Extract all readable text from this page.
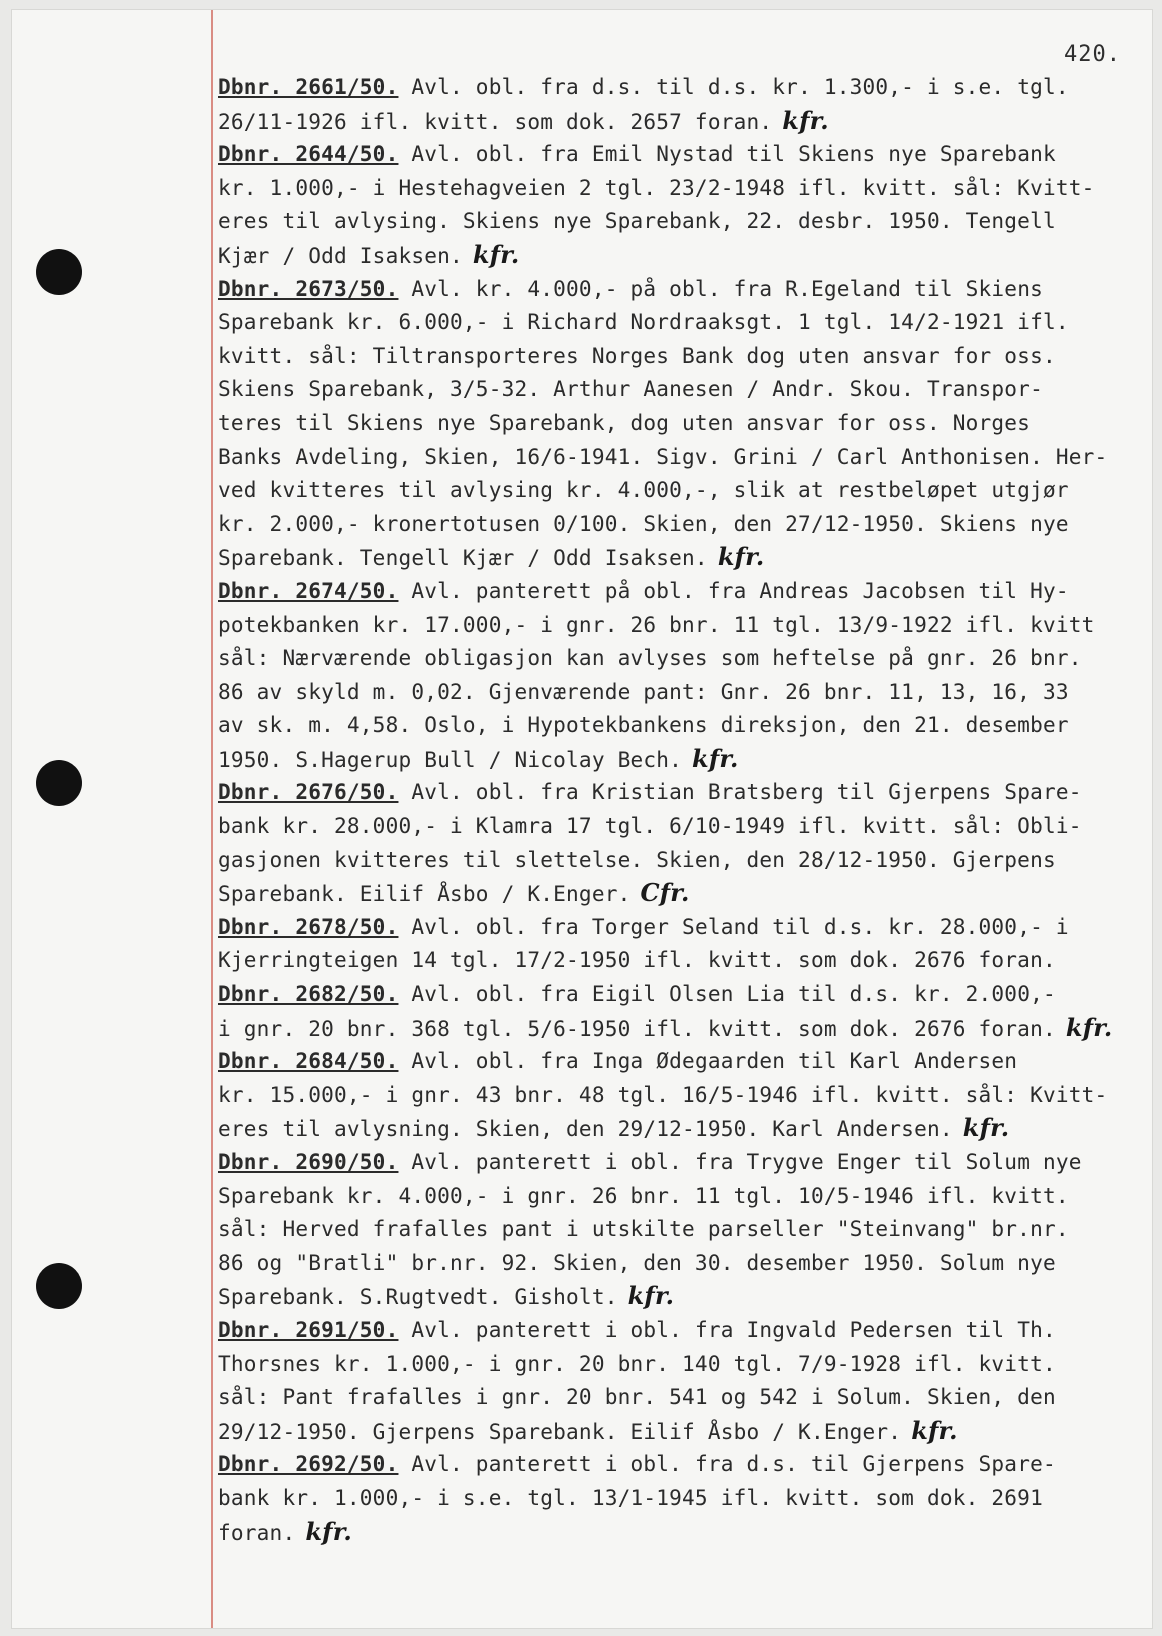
420.
Dbnr. 2661/50. Avl. obl. fra d.s. til d.s. kr. 1.300,- i s.e. tgl.
26/11-1926 ifl. kvitt. som dok. 2657 foran. kfr.
Dbnr. 2644/50. Avl. obl. fra Emil Nystad til Skiens nye Sparebank
kr. 1.000,- i Hestehagveien 2 tgl. 23/2-1948 ifl. kvitt. sål: Kvitt-
eres til avlysing. Skiens nye Sparebank, 22. desbr. 1950. Tengell
Kjær / Odd Isaksen. kfr.
Dbnr. 2673/50. Avl. kr. 4.000,- på obl. fra R.Egeland til Skiens
Sparebank kr. 6.000,- i Richard Nordraaksgt. 1 tgl. 14/2-1921 ifl.
kvitt. sål: Tiltransporteres Norges Bank dog uten ansvar for oss.
Skiens Sparebank, 3/5-32. Arthur Aanesen / Andr. Skou. Transpor-
teres til Skiens nye Sparebank, dog uten ansvar for oss. Norges
Banks Avdeling, Skien, 16/6-1941. Sigv. Grini / Carl Anthonisen. Her-
ved kvitteres til avlysing kr. 4.000,-, slik at restbeløpet utgjør
kr. 2.000,- kronertotusen 0/100. Skien, den 27/12-1950. Skiens nye
Sparebank. Tengell Kjær / Odd Isaksen. kfr.
Dbnr. 2674/50. Avl. panterett på obl. fra Andreas Jacobsen til Hy-
potekbanken kr. 17.000,- i gnr. 26 bnr. 11 tgl. 13/9-1922 ifl. kvitt
sål: Nærværende obligasjon kan avlyses som heftelse på gnr. 26 bnr.
86 av skyld m. 0,02. Gjenværende pant: Gnr. 26 bnr. 11, 13, 16, 33
av sk. m. 4,58. Oslo, i Hypotekbankens direksjon, den 21. desember
1950. S.Hagerup Bull / Nicolay Bech. kfr.
Dbnr. 2676/50. Avl. obl. fra Kristian Bratsberg til Gjerpens Spare-
bank kr. 28.000,- i Klamra 17 tgl. 6/10-1949 ifl. kvitt. sål: Obli-
gasjonen kvitteres til slettelse. Skien, den 28/12-1950. Gjerpens
Sparebank. Eilif Åsbo / K.Enger. Cfr.
Dbnr. 2678/50. Avl. obl. fra Torger Seland til d.s. kr. 28.000,- i
Kjerringteigen 14 tgl. 17/2-1950 ifl. kvitt. som dok. 2676 foran.
Dbnr. 2682/50. Avl. obl. fra Eigil Olsen Lia til d.s. kr. 2.000,-
i gnr. 20 bnr. 368 tgl. 5/6-1950 ifl. kvitt. som dok. 2676 foran. kfr.
Dbnr. 2684/50. Avl. obl. fra Inga Ødegaarden til Karl Andersen
kr. 15.000,- i gnr. 43 bnr. 48 tgl. 16/5-1946 ifl. kvitt. sål: Kvitt-
eres til avlysning. Skien, den 29/12-1950. Karl Andersen. kfr.
Dbnr. 2690/50. Avl. panterett i obl. fra Trygve Enger til Solum nye
Sparebank kr. 4.000,- i gnr. 26 bnr. 11 tgl. 10/5-1946 ifl. kvitt.
sål: Herved frafalles pant i utskilte parseller "Steinvang" br.nr.
86 og "Bratli" br.nr. 92. Skien, den 30. desember 1950. Solum nye
Sparebank. S.Rugtvedt. Gisholt. kfr.
Dbnr. 2691/50. Avl. panterett i obl. fra Ingvald Pedersen til Th.
Thorsnes kr. 1.000,- i gnr. 20 bnr. 140 tgl. 7/9-1928 ifl. kvitt.
sål: Pant frafalles i gnr. 20 bnr. 541 og 542 i Solum. Skien, den
29/12-1950. Gjerpens Sparebank. Eilif Åsbo / K.Enger. kfr.
Dbnr. 2692/50. Avl. panterett i obl. fra d.s. til Gjerpens Spare-
bank kr. 1.000,- i s.e. tgl. 13/1-1945 ifl. kvitt. som dok. 2691
foran. kfr.
